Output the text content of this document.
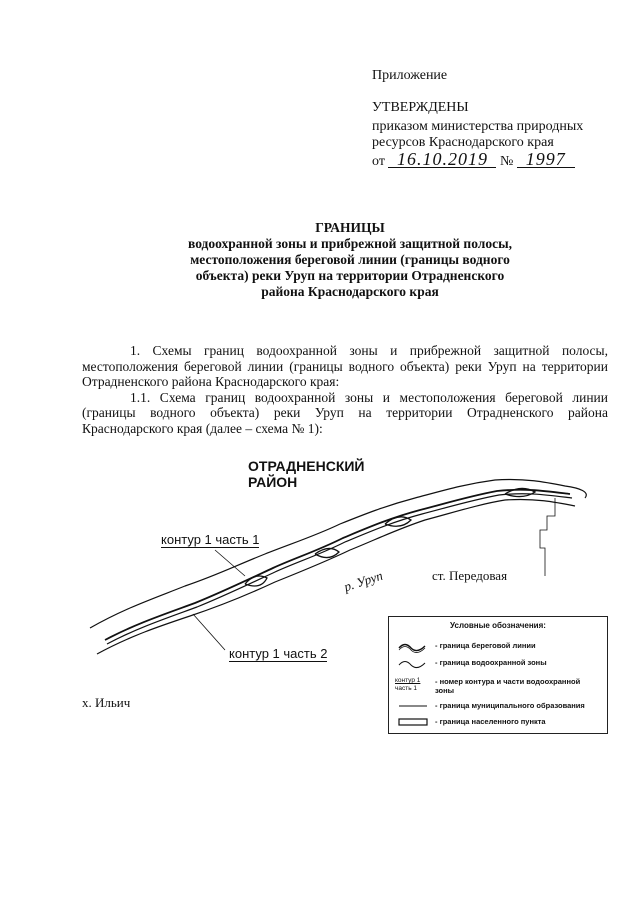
Приложение
УТВЕРЖДЕНЫ
приказом министерства природных
ресурсов Краснодарского края
от 16.10.2019 № 1997
ГРАНИЦЫ
водоохранной зоны и прибрежной защитной полосы,
местоположения береговой линии (границы водного
объекта) реки Уруп на территории Отрадненского
района Краснодарского края

1. Схемы границ водоохранной зоны и прибрежной защитной полосы, местоположения береговой линии (границы водного объекта) реки Уруп на территории Отрадненского района Краснодарского края:

1.1. Схема границ водоохранной зоны и местоположения береговой линии (границы водного объекта) реки Уруп на территории Отрадненского района Краснодарского края (далее – схема № 1):

ОТРАДНЕНСКИЙ
РАЙОН
контур 1 часть 1
контур 1 часть 2
р. Уруп	ст. Передовая
х. Ильич
Условные обозначения:
- граница береговой линии
- граница водоохранной зоны
контур 1
часть 1
- номер контура и части водоохранной зоны
- граница муниципального образования
- граница населенного пункта
